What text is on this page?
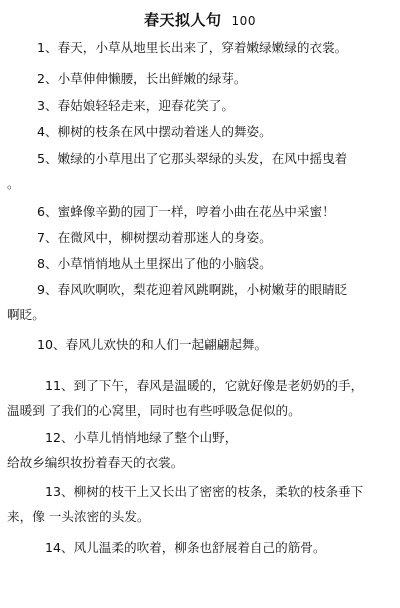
春天拟人句 100
1、春天，小草从地里长出来了，穿着嫩绿嫩绿的衣裳。
2、小草伸伸懒腰，长出鲜嫩的绿芽。
3、春姑娘轻轻走来，迎春花笑了。
4、柳树的枝条在风中摆动着迷人的舞姿。
5、嫩绿的小草甩出了它那头翠绿的头发，在风中摇曳着
。
6、蜜蜂像辛勤的园丁一样，哼着小曲在花丛中采蜜！
7、在微风中，柳树摆动着那迷人的身姿。
8、小草悄悄地从土里探出了他的小脑袋。
9、春风吹啊吹，梨花迎着风跳啊跳，小树嫩芽的眼睛眨
啊眨。
10、春风儿欢快的和人们一起翩翩起舞。
11、到了下午，春风是温暖的，它就好像是老奶奶的手，
温暖到 了我们的心窝里，同时也有些呼吸急促似的。
12、小草儿悄悄地绿了整个山野，
给故乡编织妆扮着春天的衣裳。
13、柳树的枝干上又长出了密密的枝条，柔软的枝条垂下
来，像 一头浓密的头发。
14、风儿温柔的吹着，柳条也舒展着自己的筋骨。
